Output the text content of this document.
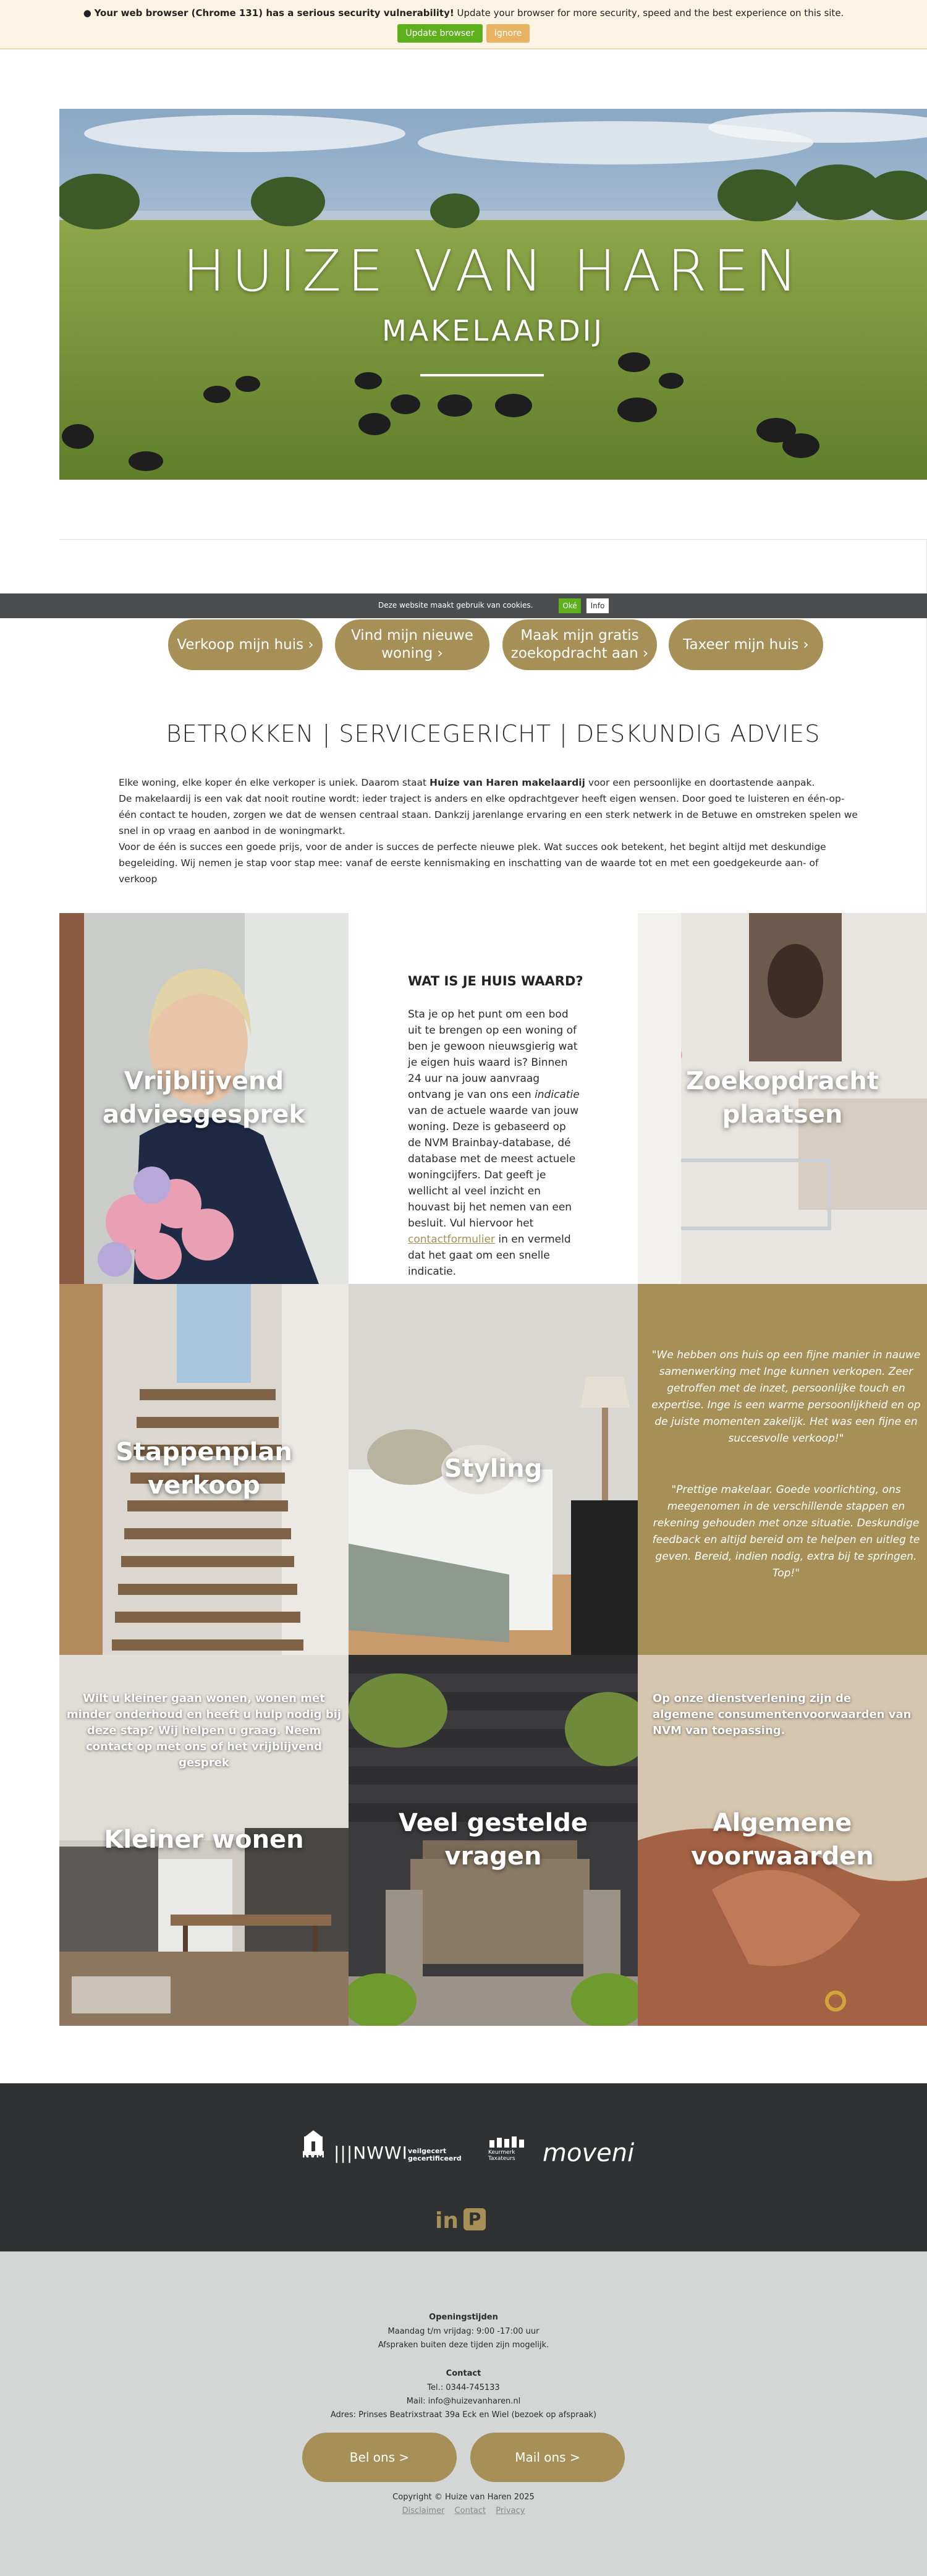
● Your web browser (Chrome 131) has a serious security vulnerability! Update your browser for more security, speed and the best experience on this site.
Update browser	Ignore
HUIZE VAN HAREN
MAKELAARDIJ
Deze website maakt gebruik van cookies.	Oké	Info
Verkoop mijn huis ›
Vind mijn nieuwe woning ›
Maak mijn gratis zoekopdracht aan ›
Taxeer mijn huis ›
BETROKKEN | SERVICEGERICHT | DESKUNDIG ADVIES

Elke woning, elke koper én elke verkoper is uniek. Daarom staat Huize van Haren makelaardij voor een persoonlijke en doortastende aanpak.

De makelaardij is een vak dat nooit routine wordt: ieder traject is anders en elke opdrachtgever heeft eigen wensen. Door goed te luisteren en één-op-één contact te houden, zorgen we dat de wensen centraal staan. Dankzij jarenlange ervaring en een sterk netwerk in de Betuwe en omstreken spelen we snel in op vraag en aanbod in de woningmarkt.

Voor de één is succes een goede prijs, voor de ander is succes de perfecte nieuwe plek. Wat succes ook betekent, het begint altijd met deskundige begeleiding. Wij nemen je stap voor stap mee: vanaf de eerste kennismaking en inschatting van de waarde tot en met een goedgekeurde aan- of verkoop

Vrijblijvend adviesgesprek
WAT IS JE HUIS WAARD?
Sta je op het punt om een bod uit te brengen op een woning of ben je gewoon nieuwsgierig wat je eigen huis waard is? Binnen 24 uur na jouw aanvraag ontvang je van ons een indicatie van de actuele waarde van jouw woning. Deze is gebaseerd op de NVM Brainbay-database, dé database met de meest actuele woningcijfers. Dat geeft je wellicht al veel inzicht en houvast bij het nemen van een besluit. Vul hiervoor het contactformulier in en vermeld dat het gaat om een snelle indicatie.
Zoekopdracht plaatsen
Stappenplan verkoop
Styling
"We hebben ons huis op een fijne manier in nauwe samenwerking met Inge kunnen verkopen. Zeer getroffen met de inzet, persoonlijke touch en expertise. Inge is een warme persoonlijkheid en op de juiste momenten zakelijk. Het was een fijne en succesvolle verkoop!"
"Prettige makelaar. Goede voorlichting, ons meegenomen in de verschillende stappen en rekening gehouden met onze situatie. Deskundige feedback en altijd bereid om te helpen en uitleg te geven. Bereid, indien nodig, extra bij te springen. Top!"
Wilt u kleiner gaan wonen, wonen met minder onderhoud en heeft u hulp nodig bij deze stap? Wij helpen u graag. Neem contact op met ons of het vrijblijvend gesprek
Kleiner wonen
Veel gestelde vragen
Op onze dienstverlening zijn de algemene consumentenvoorwaarden van NVM van toepassing.
Algemene voorwaarden
NVM |||NWWI veilgecert
gecertificeerd
Keurmerk
Taxateurs	moveni
in P
Openingstijden
Maandag t/m vrijdag: 9:00 -17:00 uur
Afspraken buiten deze tijden zijn mogelijk.
Contact
Tel.: 0344-745133
Mail: info@huizevanharen.nl
Adres: Prinses Beatrixstraat 39a Eck en Wiel (bezoek op afspraak)
Bel ons >	Mail ons >
Copyright © Huize van Haren 2025
Disclaimer Contact Privacy
